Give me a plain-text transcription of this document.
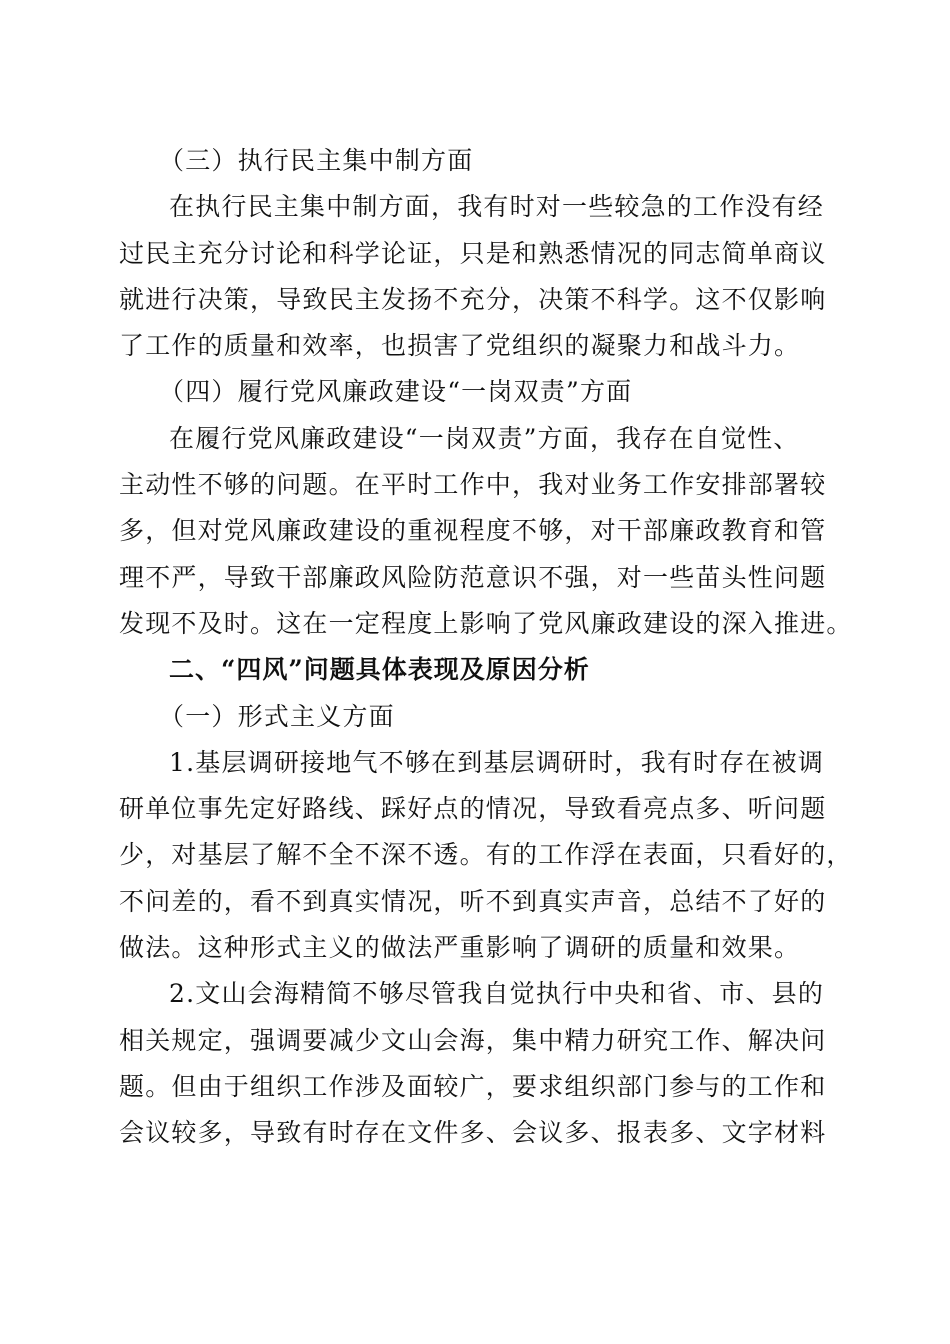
（三）执行民主集中制方面
在执行民主集中制方面，我有时对一些较急的工作没有经
过民主充分讨论和科学论证，只是和熟悉情况的同志简单商议
就进行决策，导致民主发扬不充分，决策不科学。这不仅影响
了工作的质量和效率，也损害了党组织的凝聚力和战斗力。
（四）履行党风廉政建设“一岗双责”方面
在履行党风廉政建设“一岗双责”方面，我存在自觉性、
主动性不够的问题。在平时工作中，我对业务工作安排部署较
多，但对党风廉政建设的重视程度不够，对干部廉政教育和管
理不严，导致干部廉政风险防范意识不强，对一些苗头性问题
发现不及时。这在一定程度上影响了党风廉政建设的深入推进。
二、“四风”问题具体表现及原因分析
（一）形式主义方面
1.基层调研接地气不够在到基层调研时，我有时存在被调
研单位事先定好路线、踩好点的情况，导致看亮点多、听问题
少，对基层了解不全不深不透。有的工作浮在表面，只看好的，
不问差的，看不到真实情况，听不到真实声音，总结不了好的
做法。这种形式主义的做法严重影响了调研的质量和效果。
2.文山会海精简不够尽管我自觉执行中央和省、市、县的
相关规定，强调要减少文山会海，集中精力研究工作、解决问
题。但由于组织工作涉及面较广，要求组织部门参与的工作和
会议较多，导致有时存在文件多、会议多、报表多、文字材料
